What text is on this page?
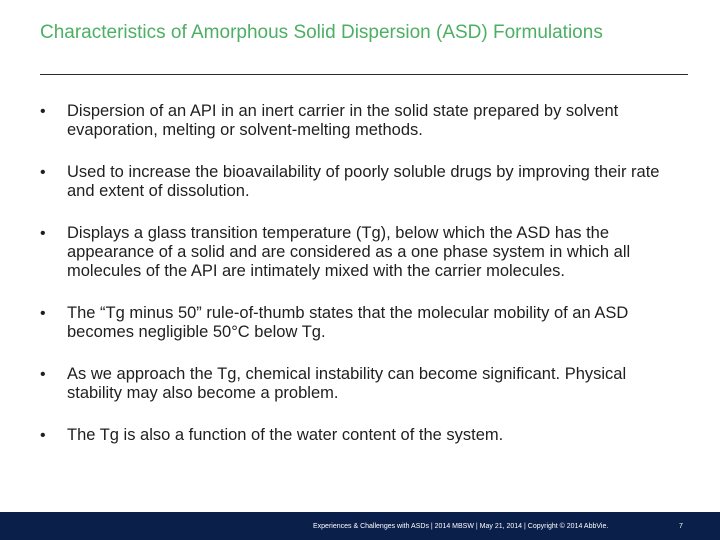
Characteristics of Amorphous Solid Dispersion (ASD) Formulations
• Dispersion of an API in an inert carrier in the solid state prepared by solvent evaporation, melting or solvent-melting methods.
• Used to increase the bioavailability of poorly soluble drugs by improving their rate and extent of dissolution.
• Displays a glass transition temperature (Tg), below which the ASD has the appearance of a solid and are considered as a one phase system in which all molecules of the API are intimately mixed with the carrier molecules.
• The “Tg minus 50” rule-of-thumb states that the molecular mobility of an ASD becomes negligible 50°C below Tg.
• As we approach the Tg, chemical instability can become significant. Physical stability may also become a problem.
• The Tg is also a function of the water content of the system.
Experiences & Challenges with ASDs | 2014 MBSW | May 21, 2014 | Copyright © 2014 AbbVie.	7
